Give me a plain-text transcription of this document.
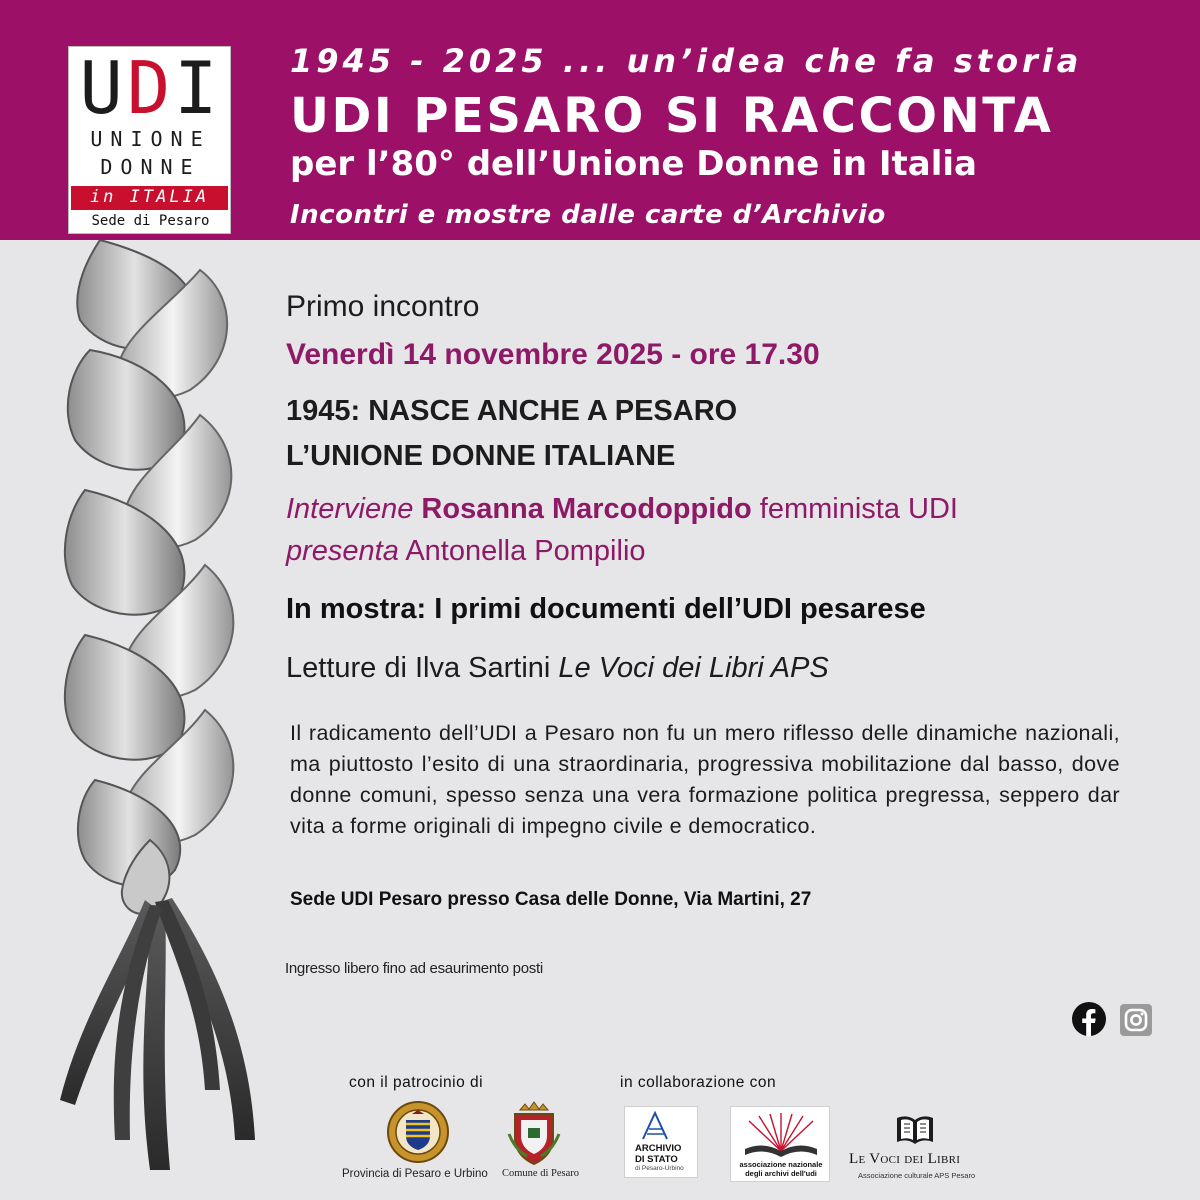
UDI
UNIONE
DONNE
in ITALIA
Sede di Pesaro
1945 - 2025 ... un’idea che fa storia
UDI PESARO SI RACCONTA
per l’80° dell’Unione Donne in Italia
Incontri e mostre dalle carte d’Archivio
Primo incontro
Venerdì 14 novembre 2025 - ore 17.30
1945: NASCE ANCHE A PESARO
L’UNIONE DONNE ITALIANE
Interviene Rosanna Marcodoppido femminista UDI
presenta Antonella Pompilio
In mostra: I primi documenti dell’UDI pesarese
Letture di Ilva Sartini Le Voci dei Libri APS
Il radicamento dell’UDI a Pesaro non fu un mero riflesso delle dinamiche nazionali, ma piuttosto l’esito di una straordinaria, progressiva mobilitazione dal basso, dove donne comuni, spesso senza una vera formazione politica pregressa, seppero dar vita a forme originali di impegno civile e democratico.
Sede UDI Pesaro presso Casa delle Donne, Via Martini, 27
Ingresso libero fino ad esaurimento posti
con il patrocinio di	in collaborazione con
Provincia di Pesaro e Urbino Comune di Pesaro
ARCHIVIO
DI STATO
di Pesaro-Urbino	associazione nazionale
degli archivi dell'udi
Le Voci dei Libri
Associazione culturale APS Pesaro
